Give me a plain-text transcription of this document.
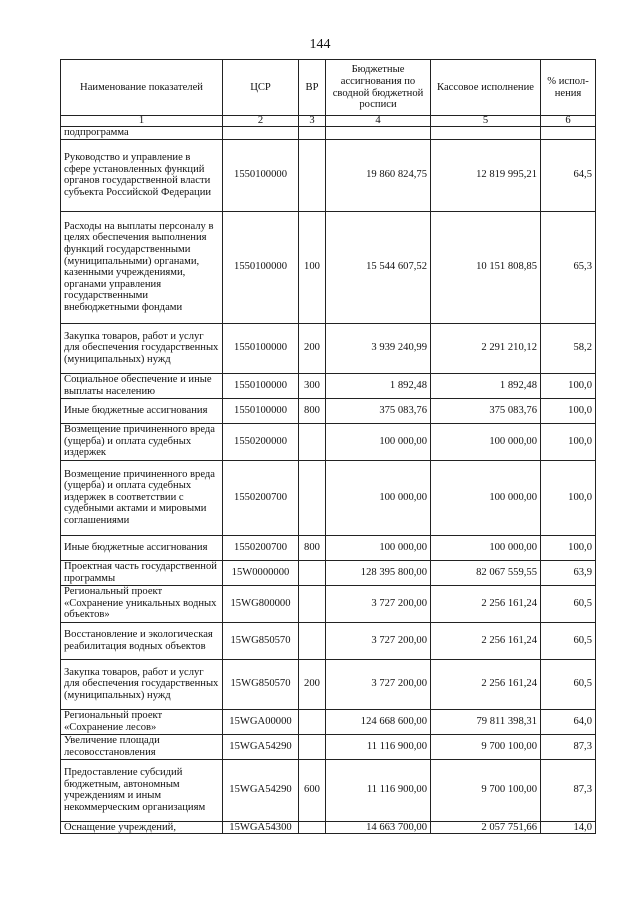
144
Наименование показателей	ЦСР	ВР	Бюджетные ассигнования по сводной бюджетной росписи	Кассовое исполнение	% испол- нения
1	2	3	4	5	6
подпрограмма					
Руководство и управление в сфере установленных функций органов государственной власти субъекта Российской Федерации	1550100000		19 860 824,75	12 819 995,21	64,5
Расходы на выплаты персоналу в целях обеспечения выполнения функций государственными (муниципальными) органами, казенными учреждениями, органами управления государственными внебюджетными фондами	1550100000	100	15 544 607,52	10 151 808,85	65,3
Закупка товаров, работ и услуг для обеспечения государственных (муниципальных) нужд	1550100000	200	3 939 240,99	2 291 210,12	58,2
Социальное обеспечение и иные выплаты населению	1550100000	300	1 892,48	1 892,48	100,0
Иные бюджетные ассигнования	1550100000	800	375 083,76	375 083,76	100,0
Возмещение причиненного вреда (ущерба) и оплата судебных издержек	1550200000		100 000,00	100 000,00	100,0
Возмещение причиненного вреда (ущерба) и оплата судебных издержек в соответствии с судебными актами и мировыми соглашениями	1550200700		100 000,00	100 000,00	100,0
Иные бюджетные ассигнования	1550200700	800	100 000,00	100 000,00	100,0
Проектная часть государственной программы	15W0000000		128 395 800,00	82 067 559,55	63,9
Региональный проект «Сохранение уникальных водных объектов»	15WG800000		3 727 200,00	2 256 161,24	60,5
Восстановление и экологическая реабилитация водных объектов	15WG850570		3 727 200,00	2 256 161,24	60,5
Закупка товаров, работ и услуг для обеспечения государственных (муниципальных) нужд	15WG850570	200	3 727 200,00	2 256 161,24	60,5
Региональный проект «Сохранение лесов»	15WGA00000		124 668 600,00	79 811 398,31	64,0
Увеличение площади лесовосстановления	15WGA54290		11 116 900,00	9 700 100,00	87,3
Предоставление субсидий бюджетным, автономным учреждениям и иным некоммерческим организациям	15WGA54290	600	11 116 900,00	9 700 100,00	87,3
Оснащение учреждений,	15WGA54300		14 663 700,00	2 057 751,66	14,0
